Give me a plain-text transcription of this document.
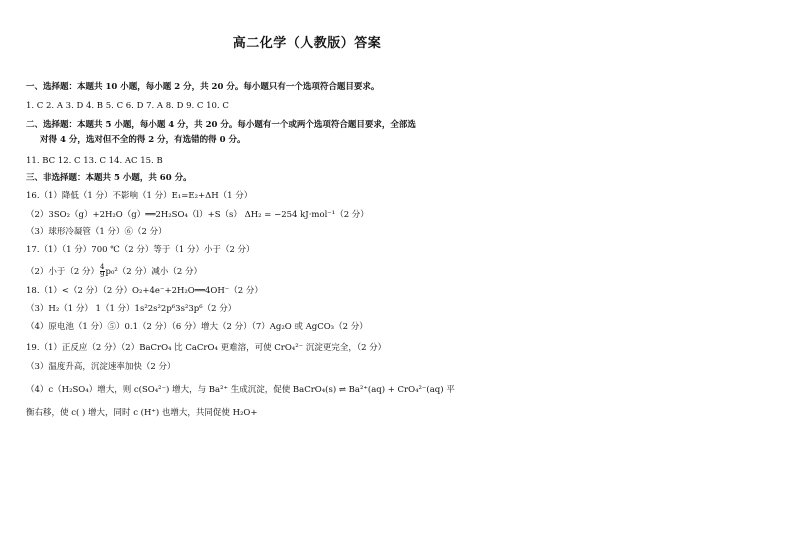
高二化学（人教版）答案
一、选择题：本题共 10 小题，每小题 2 分，共 20 分。每小题只有一个选项符合题目要求。
1. C 2. A 3. D 4. B 5. C 6. D 7. A 8. D 9. C 10. C
二、选择题：本题共 5 小题，每小题 4 分，共 20 分。每小题有一个或两个选项符合题目要求，全部选
对得 4 分，选对但不全的得 2 分，有选错的得 0 分。
11. BC 12. C 13. C 14. AC 15. B
三、非选择题：本题共 5 小题，共 60 分。
16.（1）降低（1 分）不影响（1 分）E₁=E₂+ΔH（1 分）
（2）3SO₂（g）+2H₂O（g）══2H₂SO₄（l）+S（s） ΔH₂ = −254 kJ·mol⁻¹（2 分）
（3）球形冷凝管（1 分）⑥（2 分）
17.（1）（1 分）700 ℃（2 分）等于（1 分）小于（2 分）
（2）小于（2 分） $\frac{4}{9} p_0^2(2$ 分）减小（2 分）
18.（1）<（2 分）（2 分）O₂+4e⁻+2H₂O══4OH⁻（2 分）
（3）H₂（1 分） 1（1 分）1s²2s²2p⁶3s²3p⁶（2 分）
（4）原电池（1 分）⑤）0.1（2 分）（6 分）增大（2 分）（7）Ag₂O 或 AgCO₃（2 分）
19.（1）正反应（2 分）（2）BaCrO₄ 比 CaCrO₄ 更难溶，可使 CrO₄²⁻ 沉淀更完全，（2 分）
（3）温度升高，沉淀速率加快（2 分）
（4）c（H₂SO₄）增大，则 c(SO₄²⁻) 增大，与 Ba²⁺ 生成沉淀，促使 BaCrO₄(s) ⇌ Ba²⁺(aq) + CrO₄²⁻(aq) 平
衡右移，使 c( ) 增大，同时 c (H⁺) 也增大，共同促使 H₂O+
